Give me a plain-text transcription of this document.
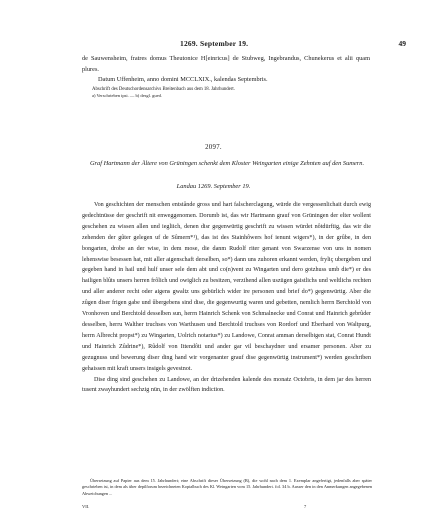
1269. September 19.	49

de Sauwensheim, fratres domus Theutonice H[einricus] de Stubweg, Ingebrandus, Chunekerus et alii quam plures.

Datum Uffenheim, anno domini MCCLXIX., kalendas Septembris.

Abschrift des Deutschordensarchivs Breitenbach aus dem 18. Jahrhundert.

a) Verschrieben ipsi. — b) desgl. gued.

2097.
Graf Hartmann der Ältere von Grüningen schenkt dem Kloster Weingarten einige Zehnten auf den Sumern.
Landau 1269. September 19.

Von geschichten der menschen entstânde gross und hart falscherclagung, würde die vergessenlichait durch ewig gedechtnüsse der geschrift nit enweggenomen. Dorumb ist, das wir Hartmann grauf von Grüningen der elter wollent geschehen zu wissen allen und iegliich, denen disr gegenwürtig geschrift zu wissen würdet nôtdürftig, das wir die zehenden der gûter gelegen uf de Sûmern*¹), das ist des Stainhôwers hof ienunt wigers*), in der grûbe, in den bongarten, drobe an der wise, in dem mose, die danm Rudolf riter genant von Swarzense von uns in nomen lehenswise besessen hat, mit aller aigenschaft derselben, so*) dann uns zuhoren erkannt werden, fryliç ubergeben und gegeben hand in hail und hulf unser sele dem abt und co(n)vent zu Wingarten und dero gotzhuss umb die*) er des hailigen blûts unsers herren frôlich und owiglich zu besitzen, verzihend allen uszügen gaistlichs und weltlichs rechten und aller anderer recht oder aigens gwaltz uns gebürlich wider ire personen und brief do*) gegenwürtig. Aber die zûgen diser frigen gabe und ûbergebens sind dise, die gegenwurtig waren und gebetten, nemlich herrn Berchtold von Vronhoven und Berchtold desselben sun, herrn Hainrich Schenk von Schmalnecke und Conrat und Hainrich gebrûder desselben, herru Walther truchses von Warthusen und Berchtold truchses von Rordorf und Eberhard von Waltpurg, herrn Albrecht propst*) zu Wingarten, Uolrich notarius*) zu Landowe, Conrat amman derselbigen stat, Conrat Hundt und Hainrich Zûdrine*), Rûdolf von Ittendôti und ander gar vil beschaydner und ersamer personen. Aber zu gezugnuss und bewerung diser ding hand wir vorgenanter grauf dise gegenwürtig instrument*) werden geschriben gehaissen mit kraft unsers insigels gevestnot.

Dise ding sind geschehen zu Landowe, an der drizehenden kalende des monatz Octobris, in dem jar des herren tusent zwayhundert sechzig nün, in der zwölften indiction.

Übersetzung auf Papier aus dem 15. Jahrhundert; eine Abschrift dieser Übersetzung (B), die wohl nach dem 1. Exemplar angefertigt, jedenfalls aber später geschrieben ist, in dem als über depilforum bezeichneten Kopialbuch des Kl. Weingarten vom 15. Jahrhundert. fol. 34 b. Ausser den in den Anmerkungen angegebenen Abweichungen ...

VII.	7
